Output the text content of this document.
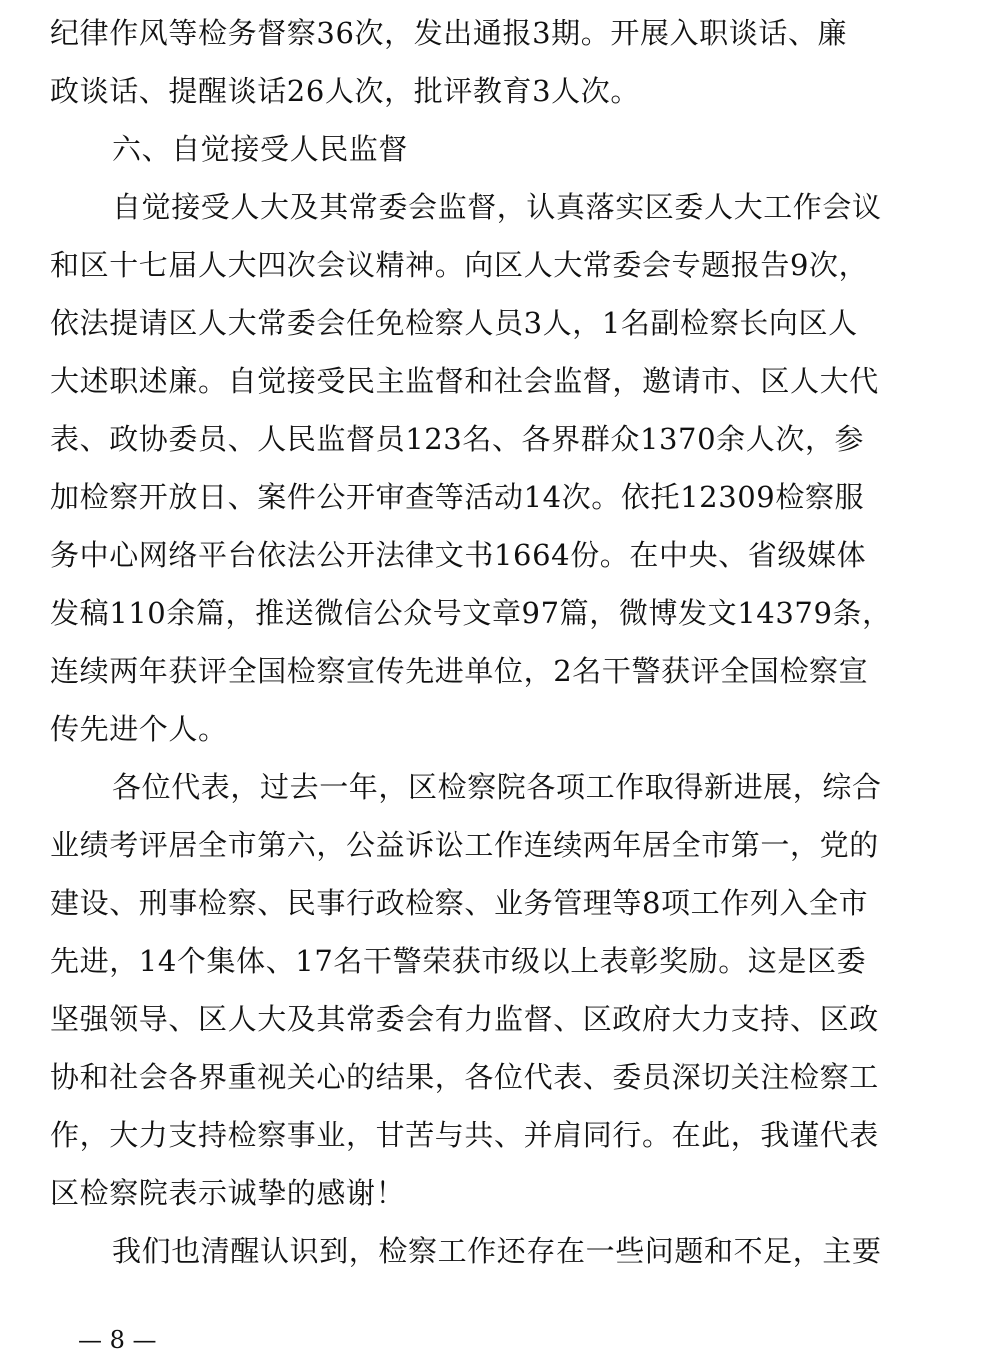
纪律作风等检务督察36次，发出通报3期。开展入职谈话、廉
政谈话、提醒谈话26人次，批评教育3人次。
六、自觉接受人民监督
自觉接受人大及其常委会监督，认真落实区委人大工作会议
和区十七届人大四次会议精神。向区人大常委会专题报告9次，
依法提请区人大常委会任免检察人员3人，1名副检察长向区人
大述职述廉。自觉接受民主监督和社会监督，邀请市、区人大代
表、政协委员、人民监督员123名、各界群众1370余人次，参
加检察开放日、案件公开审查等活动14次。依托12309检察服
务中心网络平台依法公开法律文书1664份。在中央、省级媒体
发稿110余篇，推送微信公众号文章97篇，微博发文14379条，
连续两年获评全国检察宣传先进单位，2名干警获评全国检察宣
传先进个人。
各位代表，过去一年，区检察院各项工作取得新进展，综合
业绩考评居全市第六，公益诉讼工作连续两年居全市第一，党的
建设、刑事检察、民事行政检察、业务管理等8项工作列入全市
先进，14个集体、17名干警荣获市级以上表彰奖励。这是区委
坚强领导、区人大及其常委会有力监督、区政府大力支持、区政
协和社会各界重视关心的结果，各位代表、委员深切关注检察工
作，大力支持检察事业，甘苦与共、并肩同行。在此，我谨代表
区检察院表示诚挚的感谢！
我们也清醒认识到，检察工作还存在一些问题和不足，主要
— 8 —
